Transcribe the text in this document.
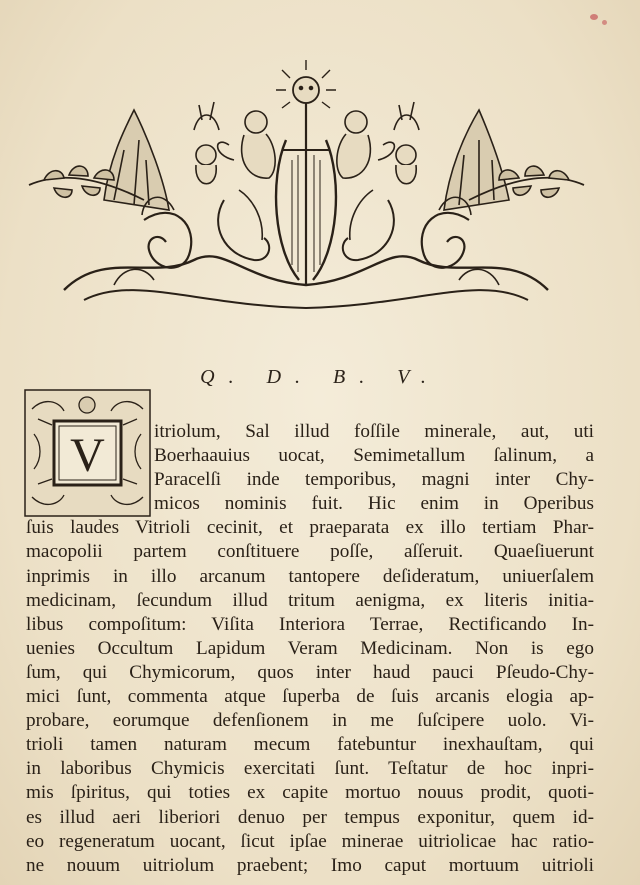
Q. D. B. V.
V	itriolum, Sal illud foſſile minerale, aut, uti
Boerhaauius uocat, Semimetallum ſalinum, a
Paracelſi inde temporibus, magni inter Chy-
micos nominis fuit. Hic enim in Operibus
ſuis laudes Vitrioli cecinit, et praeparata ex illo tertiam Phar-
macopolii partem conſtituere poſſe, aſſeruit. Quaeſiuerunt
inprimis in illo arcanum tantopere deſideratum, uniuerſalem
medicinam, ſecundum illud tritum aenigma, ex literis initia-
libus compoſitum: Viſita Interiora Terrae, Rectificando In-
uenies Occultum Lapidum Veram Medicinam. Non is ego
ſum, qui Chymicorum, quos inter haud pauci Pſeudo-Chy-
mici ſunt, commenta atque ſuperba de ſuis arcanis elogia ap-
probare, eorumque defenſionem in me ſuſcipere uolo. Vi-
trioli tamen naturam mecum fatebuntur inexhauſtam, qui
in laboribus Chymicis exercitati ſunt. Teſtatur de hoc inpri-
mis ſpiritus, qui toties ex capite mortuo nouus prodit, quoti-
es illud aeri liberiori denuo per tempus exponitur, quem id-
eo regeneratum uocant, ſicut ipſae minerae uitriolicae hac ratio-
ne nouum uitriolum praebent; Imo caput mortuum uitrioli
